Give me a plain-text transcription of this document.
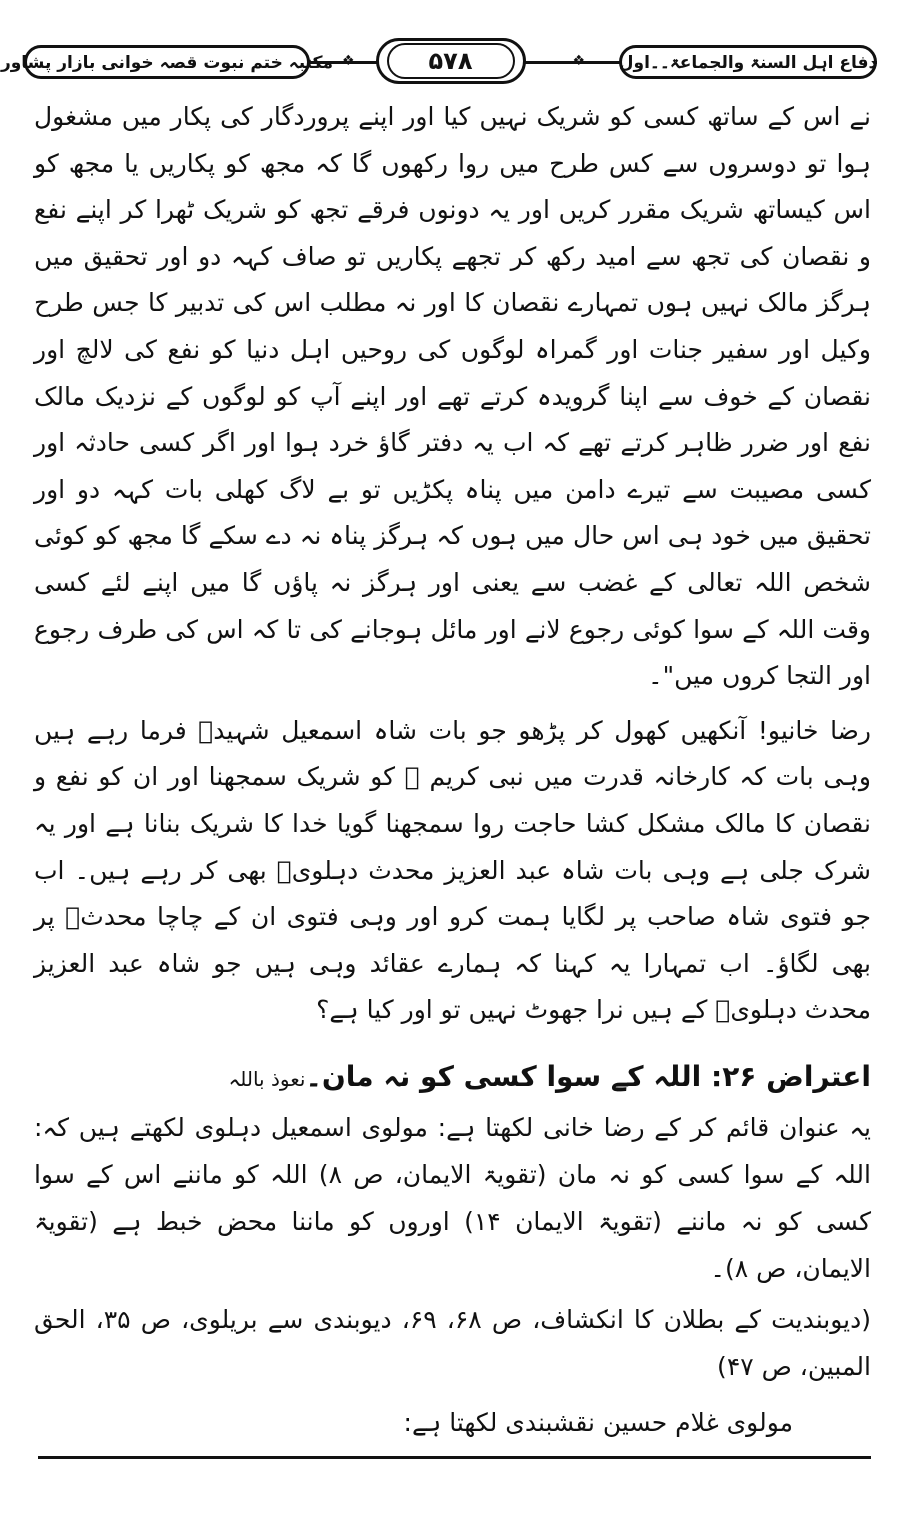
مکتبہ ختم نبوت قصہ خوانی بازار پشاور ❖	۵۷۸	❖ دفاع اہل السنۃ والجماعۃ۔۔اول

نے اس کے ساتھ کسی کو شریک نہیں کیا اور اپنے پروردگار کی پکار میں مشغول ہوا تو دوسروں سے کس طرح میں روا رکھوں گا کہ مجھ کو پکاریں یا مجھ کو اس کیساتھ شریک مقرر کریں اور یہ دونوں فرقے تجھ کو شریک ٹھرا کر اپنے نفع و نقصان کی تجھ سے امید رکھ کر تجھے پکاریں تو صاف کہہ دو اور تحقیق میں ہرگز مالک نہیں ہوں تمہارے نقصان کا اور نہ مطلب اس کی تدبیر کا جس طرح وکیل اور سفیر جنات اور گمراہ لوگوں کی روحیں اہل دنیا کو نفع کی لالچ اور نقصان کے خوف سے اپنا گرویدہ کرتے تھے اور اپنے آپ کو لوگوں کے نزدیک مالک نفع اور ضرر ظاہر کرتے تھے کہ اب یہ دفتر گاؤ خرد ہوا اور اگر کسی حادثہ اور کسی مصیبت سے تیرے دامن میں پناہ پکڑیں تو بے لاگ کھلی بات کہہ دو اور تحقیق میں خود ہی اس حال میں ہوں کہ ہرگز پناہ نہ دے سکے گا مجھ کو کوئی شخص اللہ تعالی کے غضب سے یعنی اور ہرگز نہ پاؤں گا میں اپنے لئے کسی وقت اللہ کے سوا کوئی رجوع لانے اور مائل ہوجانے کی تا کہ اس کی طرف رجوع اور التجا کروں میں"۔

رضا خانیو! آنکھیں کھول کر پڑھو جو بات شاہ اسمعیل شہیدؒ فرما رہے ہیں وہی بات کہ کارخانہ قدرت میں نبی کریم ﷺ کو شریک سمجھنا اور ان کو نفع و نقصان کا مالک مشکل کشا حاجت روا سمجھنا گویا خدا کا شریک بنانا ہے اور یہ شرک جلی ہے وہی بات شاہ عبد العزیز محدث دہلویؒ بھی کر رہے ہیں۔ اب جو فتوی شاہ صاحب پر لگایا ہمت کرو اور وہی فتوی ان کے چاچا محدثؒ پر بھی لگاؤ۔ اب تمہارا یہ کہنا کہ ہمارے عقائد وہی ہیں جو شاہ عبد العزیز محدث دہلویؒ کے ہیں نرا جھوٹ نہیں تو اور کیا ہے؟

اعتراض ۲۶: اللہ کے سوا کسی کو نہ مان۔نعوذ باللہ

یہ عنوان قائم کر کے رضا خانی لکھتا ہے: مولوی اسمعیل دہلوی لکھتے ہیں کہ: اللہ کے سوا کسی کو نہ مان (تقویۃ الایمان، ص ۸) اللہ کو ماننے اس کے سوا کسی کو نہ ماننے (تقویۃ الایمان ۱۴) اوروں کو ماننا محض خبط ہے (تقویۃ الایمان، ص ۸)۔

(دیوبندیت کے بطلان کا انکشاف، ص ۶۸، ۶۹، دیوبندی سے بریلوی، ص ۳۵، الحق المبین، ص ۴۷)

مولوی غلام حسین نقشبندی لکھتا ہے:
